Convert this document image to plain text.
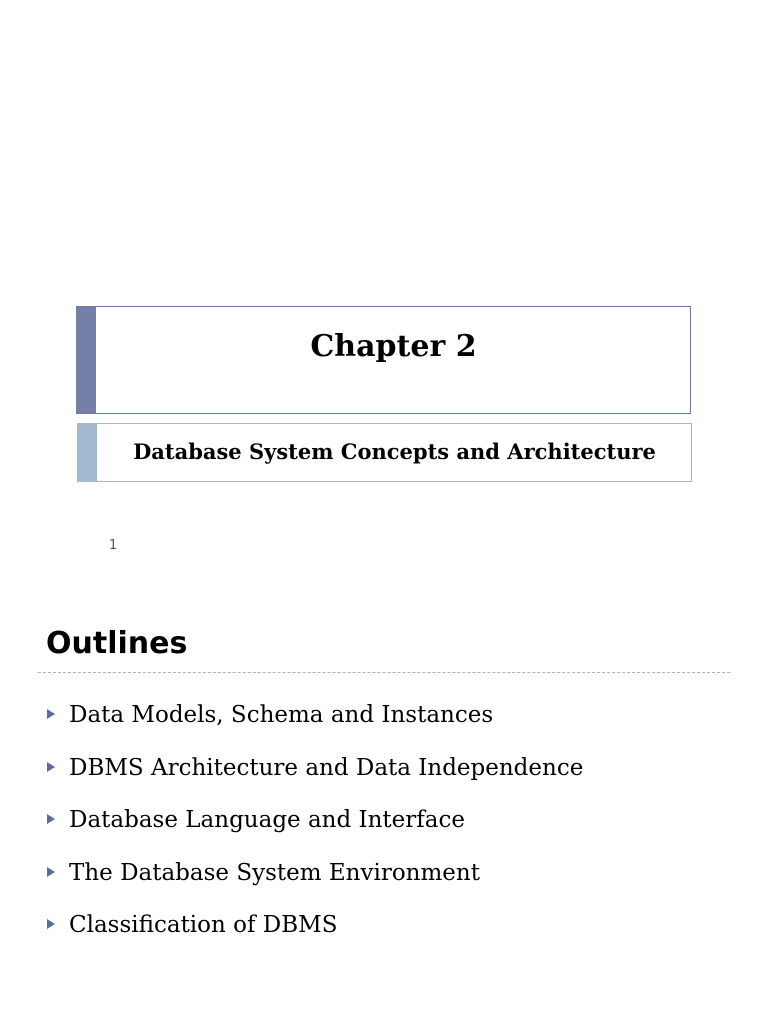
Chapter 2
Database System Concepts and Architecture
1
Outlines
Data Models, Schema and Instances
DBMS Architecture and Data Independence
Database Language and Interface
The Database System Environment
Classification of DBMS
